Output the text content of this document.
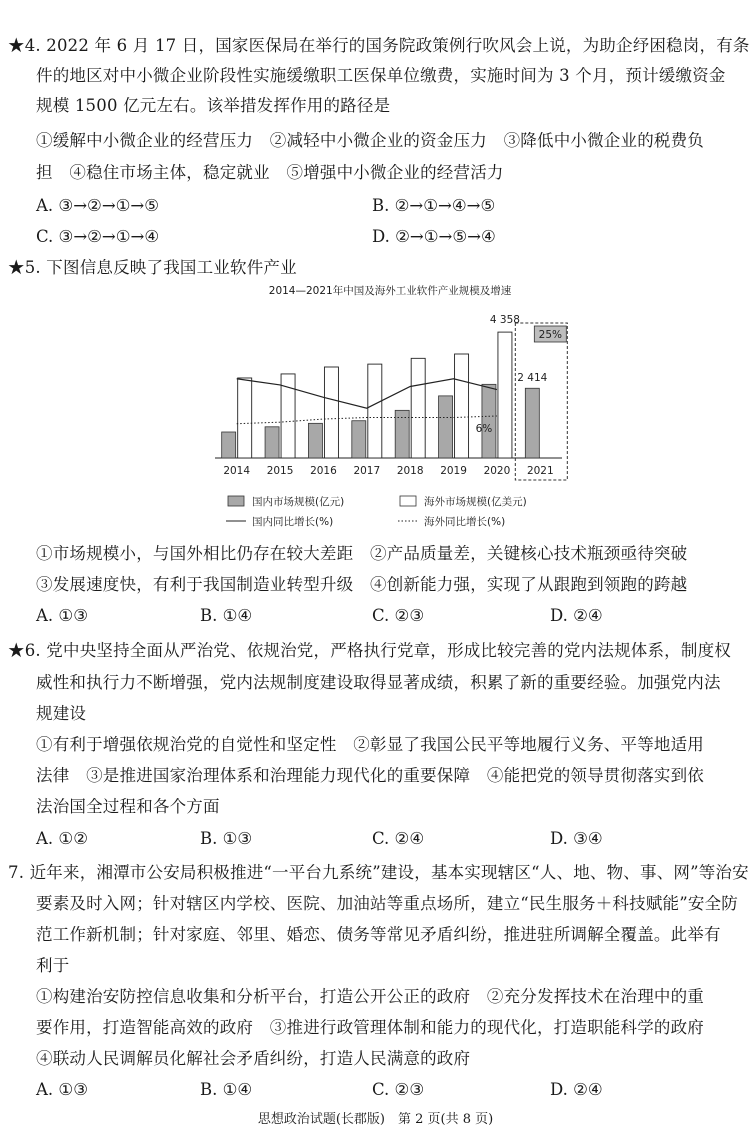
★4. 2022 年 6 月 17 日，国家医保局在举行的国务院政策例行吹风会上说，为助企纾困稳岗，有条
件的地区对中小微企业阶段性实施缓缴职工医保单位缴费，实施时间为 3 个月，预计缓缴资金
规模 1500 亿元左右。该举措发挥作用的路径是
①缓解中小微企业的经营压力　②减轻中小微企业的资金压力　③降低中小微企业的税费负
担　④稳住市场主体，稳定就业　⑤增强中小微企业的经营活力
A. ③→②→①→⑤	B. ②→①→④→⑤
C. ③→②→①→④	D. ②→①→⑤→④
★5. 下图信息反映了我国工业软件产业
2014—2021年中国及海外工业软件产业规模及增速
2014 2015 2016 2017 2018 2019 2020 2021
4 358
2 414
25%
6%
国内市场规模(亿元)	海外市场规模(亿美元)
国内同比增长(%)	海外同比增长(%)
①市场规模小，与国外相比仍存在较大差距　②产品质量差，关键核心技术瓶颈亟待突破
③发展速度快，有利于我国制造业转型升级　④创新能力强，实现了从跟跑到领跑的跨越
A. ①③	B. ①④	C. ②③	D. ②④
★6. 党中央坚持全面从严治党、依规治党，严格执行党章，形成比较完善的党内法规体系，制度权
威性和执行力不断增强，党内法规制度建设取得显著成绩，积累了新的重要经验。加强党内法
规建设
①有利于增强依规治党的自觉性和坚定性　②彰显了我国公民平等地履行义务、平等地适用
法律　③是推进国家治理体系和治理能力现代化的重要保障　④能把党的领导贯彻落实到依
法治国全过程和各个方面
A. ①②	B. ①③	C. ②④	D. ③④
7. 近年来，湘潭市公安局积极推进“一平台九系统”建设，基本实现辖区“人、地、物、事、网”等治安
要素及时入网；针对辖区内学校、医院、加油站等重点场所，建立“民生服务＋科技赋能”安全防
范工作新机制；针对家庭、邻里、婚恋、债务等常见矛盾纠纷，推进驻所调解全覆盖。此举有
利于
①构建治安防控信息收集和分析平台，打造公开公正的政府　②充分发挥技术在治理中的重
要作用，打造智能高效的政府　③推进行政管理体制和能力的现代化，打造职能科学的政府
④联动人民调解员化解社会矛盾纠纷，打造人民满意的政府
A. ①③	B. ①④	C. ②③	D. ②④
思想政治试题(长郡版)　第 2 页(共 8 页)
